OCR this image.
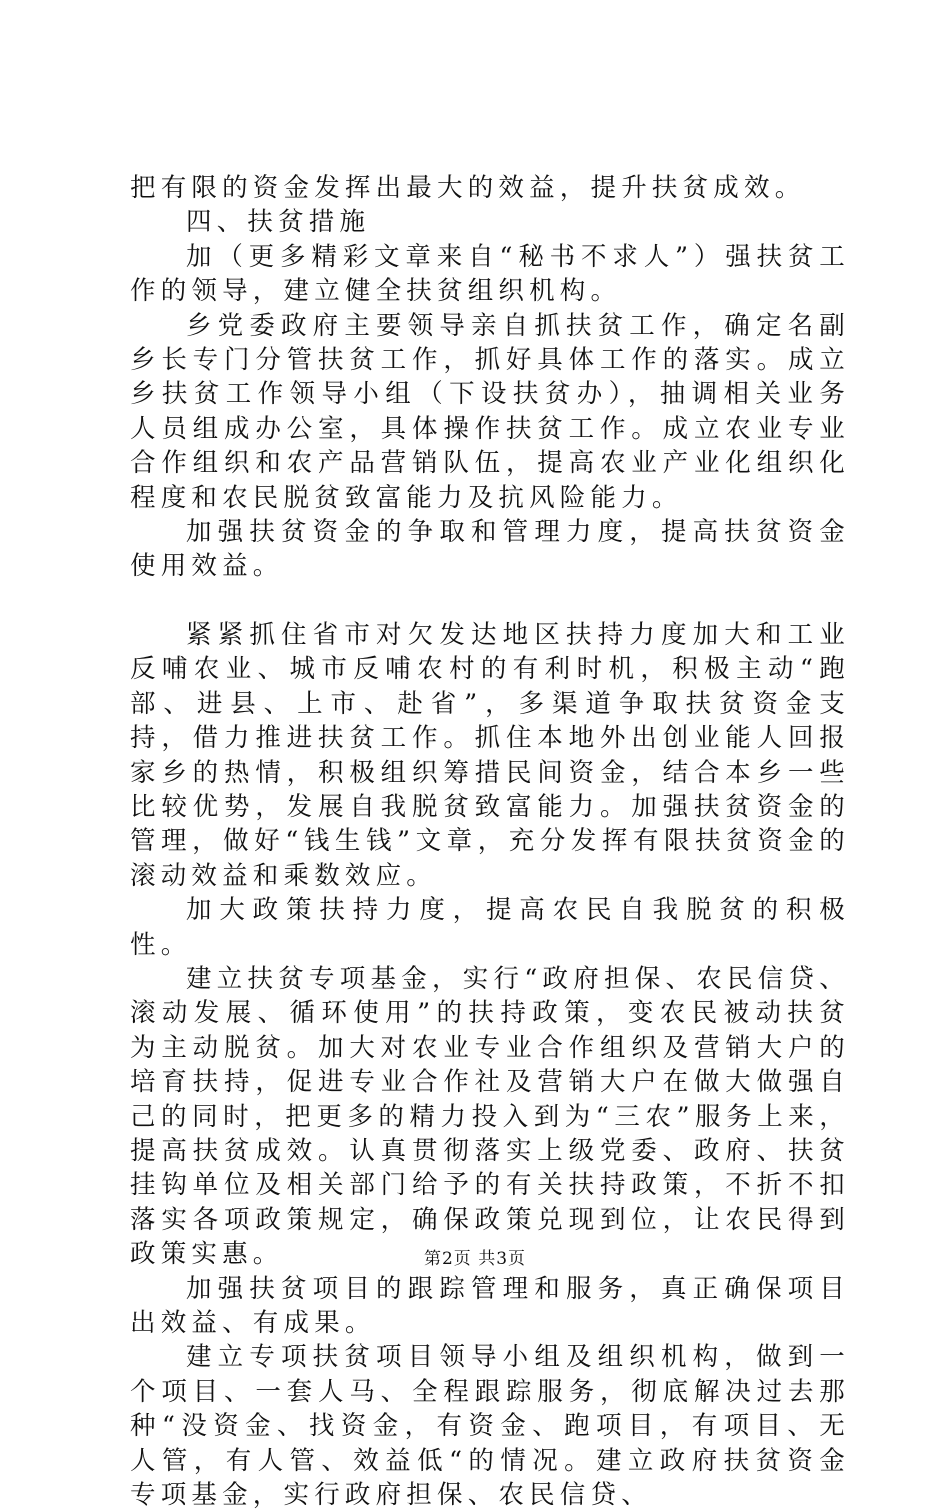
把有限的资金发挥出最大的效益，提升扶贫成效。

四、扶贫措施

加（更多精彩文章来自“秘书不求人”）强扶贫工作的领导，建立健全扶贫组织机构。

乡党委政府主要领导亲自抓扶贫工作，确定名副乡长专门分管扶贫工作，抓好具体工作的落实。成立乡扶贫工作领导小组（下设扶贫办），抽调相关业务人员组成办公室，具体操作扶贫工作。成立农业专业合作组织和农产品营销队伍，提高农业产业化组织化程度和农民脱贫致富能力及抗风险能力。

加强扶贫资金的争取和管理力度，提高扶贫资金使用效益。

紧紧抓住省市对欠发达地区扶持力度加大和工业反哺农业、城市反哺农村的有利时机，积极主动“跑部、进县、上市、赴省”，多渠道争取扶贫资金支持，借力推进扶贫工作。抓住本地外出创业能人回报家乡的热情，积极组织筹措民间资金，结合本乡一些比较优势，发展自我脱贫致富能力。加强扶贫资金的管理，做好“钱生钱”文章，充分发挥有限扶贫资金的滚动效益和乘数效应。

加大政策扶持力度，提高农民自我脱贫的积极性。

建立扶贫专项基金，实行“政府担保、农民信贷、滚动发展、循环使用”的扶持政策，变农民被动扶贫为主动脱贫。加大对农业专业合作组织及营销大户的培育扶持，促进专业合作社及营销大户在做大做强自己的同时，把更多的精力投入到为“三农”服务上来，提高扶贫成效。认真贯彻落实上级党委、政府、扶贫挂钩单位及相关部门给予的有关扶持政策，不折不扣落实各项政策规定，确保政策兑现到位，让农民得到政策实惠。

加强扶贫项目的跟踪管理和服务，真正确保项目出效益、有成果。

建立专项扶贫项目领导小组及组织机构，做到一个项目、一套人马、全程跟踪服务，彻底解决过去那种“没资金、找资金，有资金、跑项目，有项目、无人管，有人管、效益低“的情况。建立政府扶贫资金专项基金，实行政府担保、农民信贷、

第2页 共3页
